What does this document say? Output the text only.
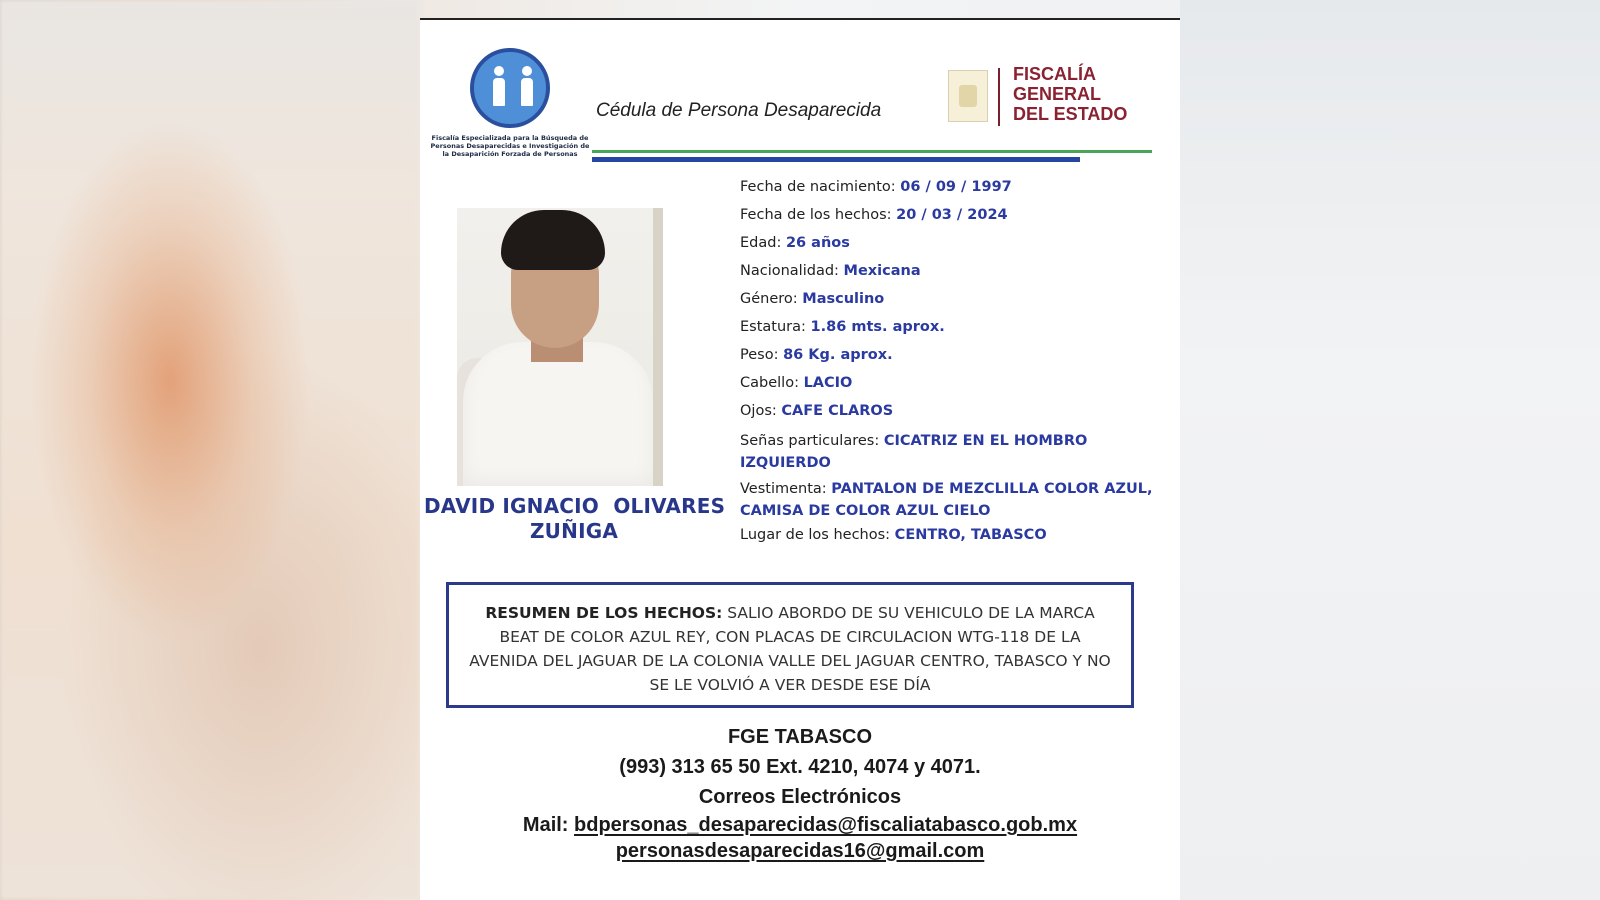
Fiscalía Especializada para la Búsqueda de Personas Desaparecidas e Investigación de la Desaparición Forzada de Personas
Cédula de Persona Desaparecida
FISCALÍA
GENERAL
DEL ESTADO
DAVID IGNACIO  OLIVARES
ZUÑIGA
Fecha de nacimiento: 06 / 09 / 1997
Fecha de los hechos: 20 / 03 / 2024
Edad: 26 años
Nacionalidad: Mexicana
Género: Masculino
Estatura: 1.86 mts. aprox.
Peso: 86 Kg. aprox.
Cabello: LACIO
Ojos: CAFE CLAROS
Señas particulares: CICATRIZ EN EL HOMBRO IZQUIERDO
Vestimenta: PANTALON DE MEZCLILLA COLOR AZUL, CAMISA DE COLOR AZUL CIELO
Lugar de los hechos: CENTRO, TABASCO
RESUMEN DE LOS HECHOS: SALIO ABORDO DE SU VEHICULO DE LA MARCA BEAT DE COLOR AZUL REY, CON PLACAS DE CIRCULACION WTG-118 DE LA AVENIDA DEL JAGUAR DE LA COLONIA VALLE DEL JAGUAR CENTRO, TABASCO Y NO SE LE VOLVIÓ A VER DESDE ESE DÍA
FGE TABASCO
(993) 313 65 50 Ext. 4210, 4074 y 4071.
Correos Electrónicos
Mail: bdpersonas_desaparecidas@fiscaliatabasco.gob.mx
personasdesaparecidas16@gmail.com
